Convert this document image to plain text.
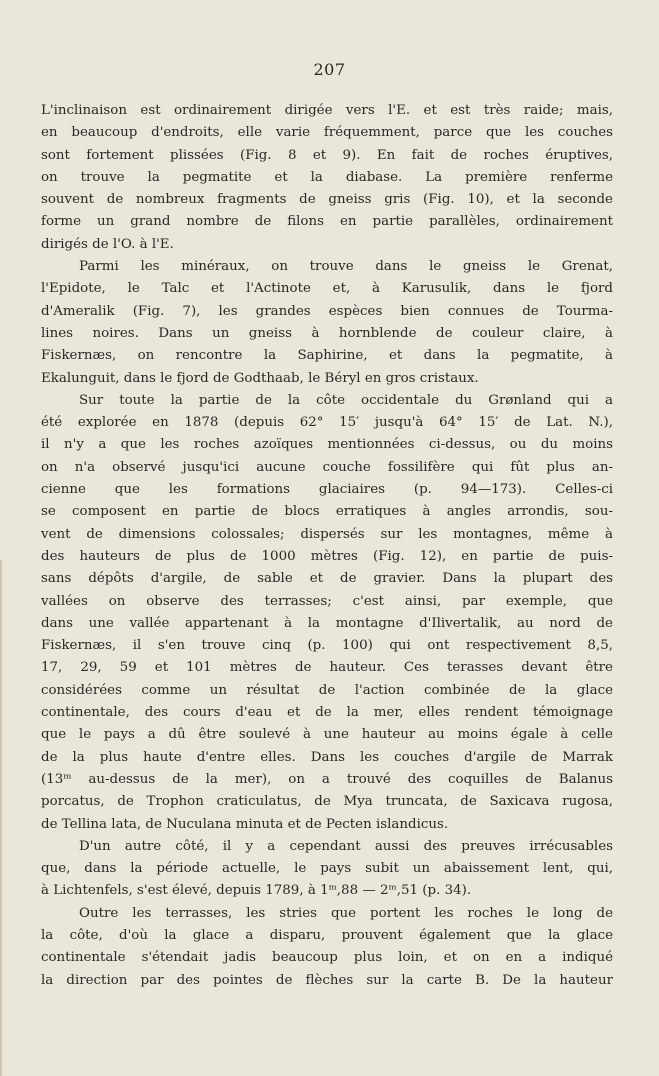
207
L'inclinaison est ordinairement dirigée vers l'E. et est très raide; mais,
en beaucoup d'endroits, elle varie fréquemment, parce que les couches
sont fortement plissées (Fig. 8 et 9). En fait de roches éruptives,
on trouve la pegmatite et la diabase. La première renferme
souvent de nombreux fragments de gneiss gris (Fig. 10), et la seconde
forme un grand nombre de filons en partie parallèles, ordinairement
dirigés de l'O. à l'E.
Parmi les minéraux, on trouve dans le gneiss le Grenat,
l'Epidote, le Talc et l'Actinote et, à Karusulik, dans le fjord
d'Ameralik (Fig. 7), les grandes espèces bien connues de Tourma-
lines noires. Dans un gneiss à hornblende de couleur claire, à
Fiskernæs, on rencontre la Saphirine, et dans la pegmatite, à
Ekalunguit, dans le fjord de Godthaab, le Béryl en gros cristaux.
Sur toute la partie de la côte occidentale du Grønland qui a
été explorée en 1878 (depuis 62° 15′ jusqu'à 64° 15′ de Lat. N.),
il n'y a que les roches azoïques mentionnées ci-dessus, ou du moins
on n'a observé jusqu'ici aucune couche fossilifère qui fût plus an-
cienne que les formations glaciaires (p. 94—173). Celles-ci
se composent en partie de blocs erratiques à angles arrondis, sou-
vent de dimensions colossales; dispersés sur les montagnes, même à
des hauteurs de plus de 1000 mètres (Fig. 12), en partie de puis-
sans dépôts d'argile, de sable et de gravier. Dans la plupart des
vallées on observe des terrasses; c'est ainsi, par exemple, que
dans une vallée appartenant à la montagne d'Ilivertalik, au nord de
Fiskernæs, il s'en trouve cinq (p. 100) qui ont respectivement 8,5,
17, 29, 59 et 101 mètres de hauteur. Ces terasses devant être
considérées comme un résultat de l'action combinée de la glace
continentale, des cours d'eau et de la mer, elles rendent témoignage
que le pays a dû être soulevé à une hauteur au moins égale à celle
de la plus haute d'entre elles. Dans les couches d'argile de Marrak
(13ᵐ au-dessus de la mer), on a trouvé des coquilles de Balanus
porcatus, de Trophon craticulatus, de Mya truncata, de Saxicava rugosa,
de Tellina lata, de Nuculana minuta et de Pecten islandicus.
D'un autre côté, il y a cependant aussi des preuves irrécusables
que, dans la période actuelle, le pays subit un abaissement lent, qui,
à Lichtenfels, s'est élevé, depuis 1789, à 1ᵐ,88 — 2ᵐ,51 (p. 34).
Outre les terrasses, les stries que portent les roches le long de
la côte, d'où la glace a disparu, prouvent également que la glace
continentale s'étendait jadis beaucoup plus loin, et on en a indiqué
la direction par des pointes de flèches sur la carte B. De la hauteur
